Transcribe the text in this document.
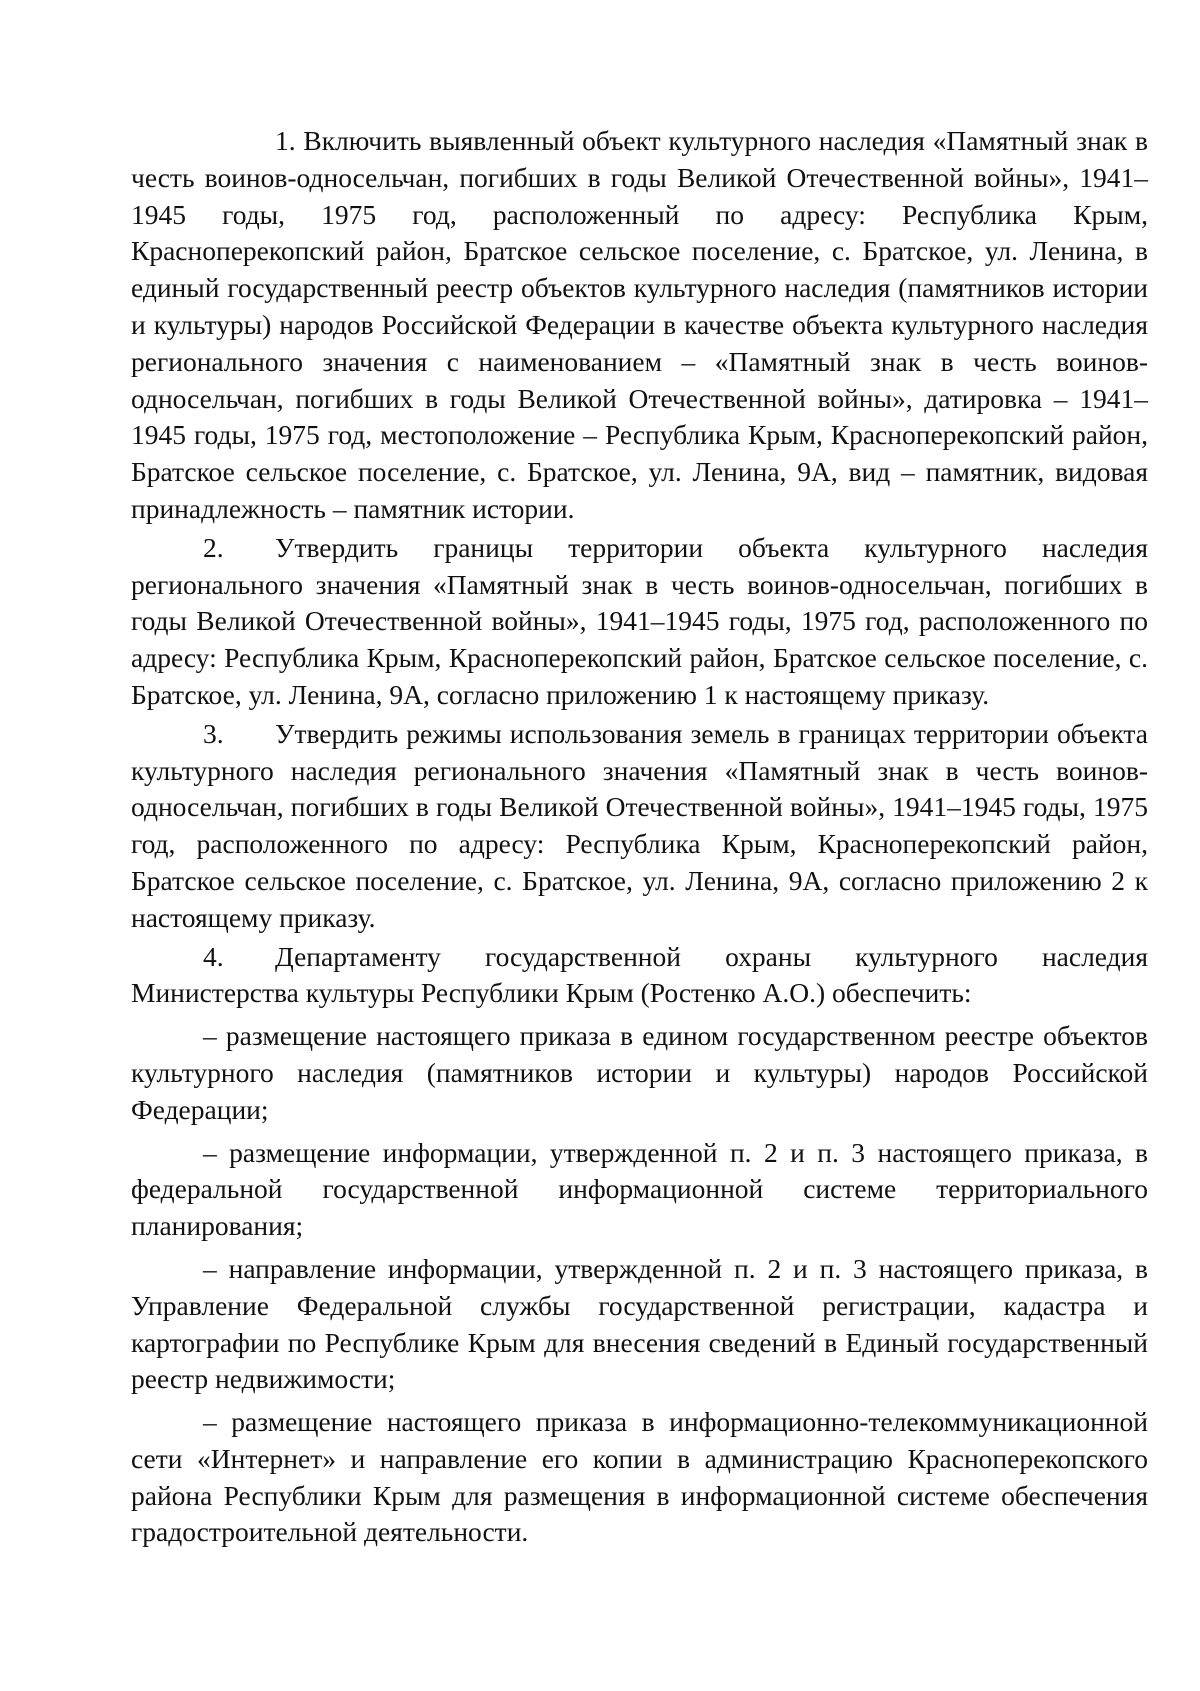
1. Включить выявленный объект культурного наследия «Памятный знак в честь воинов-односельчан, погибших в годы Великой Отечественной войны», 1941–1945 годы, 1975 год, расположенный по адресу: Республика Крым, Красноперекопский район, Братское сельское поселение, с. Братское, ул. Ленина, в единый государственный реестр объектов культурного наследия (памятников истории и культуры) народов Российской Федерации в качестве объекта культурного наследия регионального значения с наименованием – «Памятный знак в честь воинов-односельчан, погибших в годы Великой Отечественной войны», датировка – 1941–1945 годы, 1975 год, местоположение – Республика Крым, Красноперекопский район, Братское сельское поселение, с. Братское, ул. Ленина, 9А, вид – памятник, видовая принадлежность – памятник истории.

2. Утвердить границы территории объекта культурного наследия регионального значения «Памятный знак в честь воинов-односельчан, погибших в годы Великой Отечественной войны», 1941–1945 годы, 1975 год, расположенного по адресу: Республика Крым, Красноперекопский район, Братское сельское поселение, с. Братское, ул. Ленина, 9А, согласно приложению 1 к настоящему приказу.

3. Утвердить режимы использования земель в границах территории объекта культурного наследия регионального значения «Памятный знак в честь воинов-односельчан, погибших в годы Великой Отечественной войны», 1941–1945 годы, 1975 год, расположенного по адресу: Республика Крым, Красноперекопский район, Братское сельское поселение, с. Братское, ул. Ленина, 9А, согласно приложению 2 к настоящему приказу.

4. Департаменту государственной охраны культурного наследия Министерства культуры Республики Крым (Ростенко А.О.) обеспечить:

– размещение настоящего приказа в едином государственном реестре объектов культурного наследия (памятников истории и культуры) народов Российской Федерации;

– размещение информации, утвержденной п. 2 и п. 3 настоящего приказа, в федеральной государственной информационной системе территориального планирования;

– направление информации, утвержденной п. 2 и п. 3 настоящего приказа, в Управление Федеральной службы государственной регистрации, кадастра и картографии по Республике Крым для внесения сведений в Единый государственный реестр недвижимости;

– размещение настоящего приказа в информационно-телекоммуникационной сети «Интернет» и направление его копии в администрацию Красноперекопского района Республики Крым для размещения в информационной системе обеспечения градостроительной деятельности.
